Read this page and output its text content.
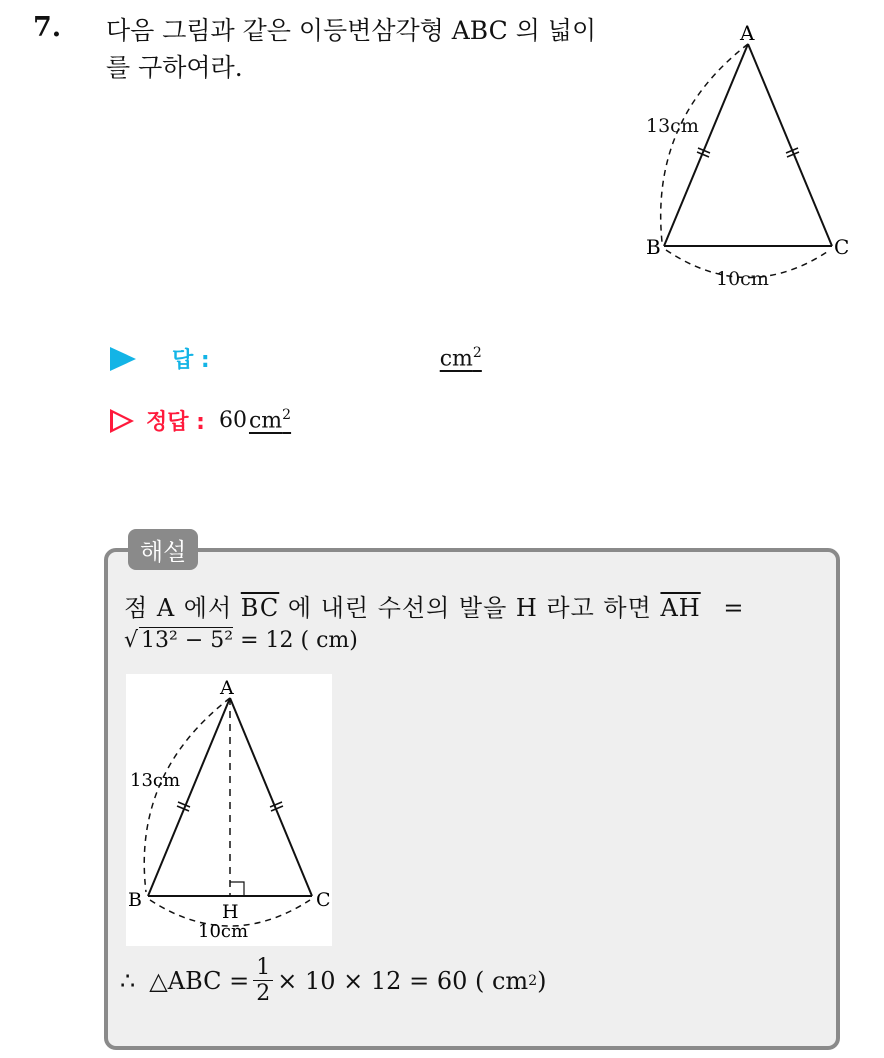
7. 다음 그림과 같은 이등변삼각형 ABC 의 넓이
를 구하여라.
A
B	C
13cm
10cm
답 :	$cm^2$
정답 : 60 $cm^2$
해설
점 A 에서 $\overline{BC}$ 에 내린 수선의 발을 H 라고 하면 $\overline{AH}$ =
√ 13² − 5² = 12 ( cm)
A
B	C
H
13cm
10cm
∴ △ABC = $\frac{1}{2} \times 10 \times 12 = 60$ ( cm 2 )
